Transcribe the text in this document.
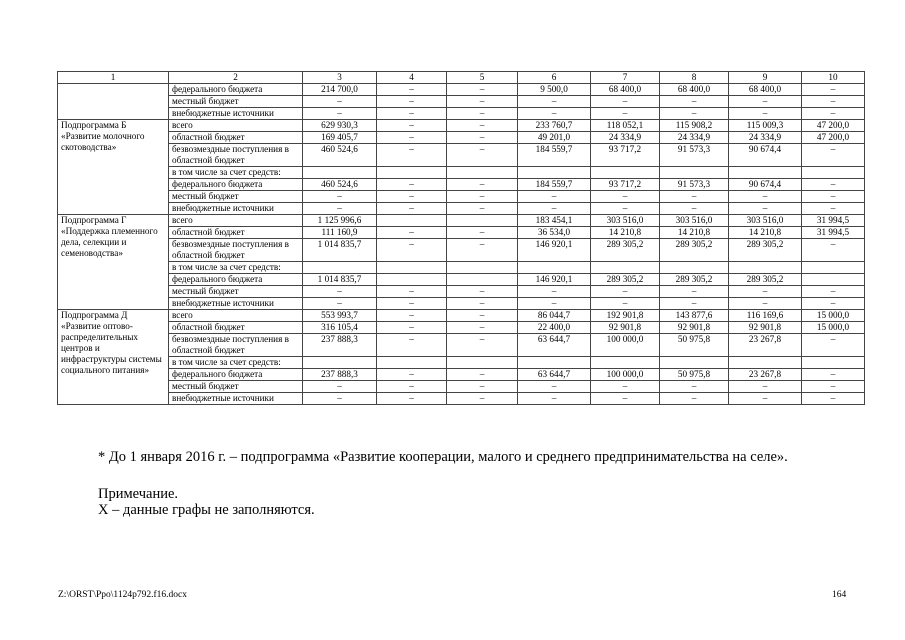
1	2	3	4	5	6	7	8	9	10
	федерального бюджета	214 700,0	–	–	9 500,0	68 400,0	68 400,0	68 400,0	–
	местный бюджет	–	–	–	–	–	–	–	–
	внебюджетные источники	–	–	–	–	–	–	–	–
Подпрограмма Б «Развитие молочного скотоводства»	всего	629 930,3	–	–	233 760,7	118 052,1	115 908,2	115 009,3	47 200,0
	областной бюджет	169 405,7	–	–	49 201,0	24 334,9	24 334,9	24 334,9	47 200,0
	безвозмездные поступления в областной бюджет	460 524,6	–	–	184 559,7	93 717,2	91 573,3	90 674,4	–
	в том числе за счет средств:								
	федерального бюджета	460 524,6	–	–	184 559,7	93 717,2	91 573,3	90 674,4	–
	местный бюджет	–	–	–	–	–	–	–	–
	внебюджетные источники	–	–	–	–	–	–	–	–
Подпрограмма Г «Поддержка племенного дела, селекции и семеноводства»	всего	1 125 996,6			183 454,1	303 516,0	303 516,0	303 516,0	31 994,5
	областной бюджет	111 160,9	–	–	36 534,0	14 210,8	14 210,8	14 210,8	31 994,5
	безвозмездные поступления в областной бюджет	1 014 835,7	–	–	146 920,1	289 305,2	289 305,2	289 305,2	–
	в том числе за счет средств:								
	федерального бюджета	1 014 835,7			146 920,1	289 305,2	289 305,2	289 305,2	
	местный бюджет	–	–	–	–	–	–	–	–
	внебюджетные источники	–	–	–	–	–	–	–	–
Подпрограмма Д «Развитие оптово-распределительных центров и инфраструктуры системы социального питания»	всего	553 993,7	–	–	86 044,7	192 901,8	143 877,6	116 169,6	15 000,0
	областной бюджет	316 105,4	–	–	22 400,0	92 901,8	92 901,8	92 901,8	15 000,0
	безвозмездные поступления в областной бюджет	237 888,3	–	–	63 644,7	100 000,0	50 975,8	23 267,8	–
	в том числе за счет средств:								
	федерального бюджета	237 888,3	–	–	63 644,7	100 000,0	50 975,8	23 267,8	–
	местный бюджет	–	–	–	–	–	–	–	–
	внебюджетные источники	–	–	–	–	–	–	–	–
* До 1 января 2016 г. – подпрограмма «Развитие кооперации, малого и среднего предпринимательства на селе».
Примечание.
X – данные графы не заполняются.
Z:\ORST\Ppo\1124p792.f16.docx	164
